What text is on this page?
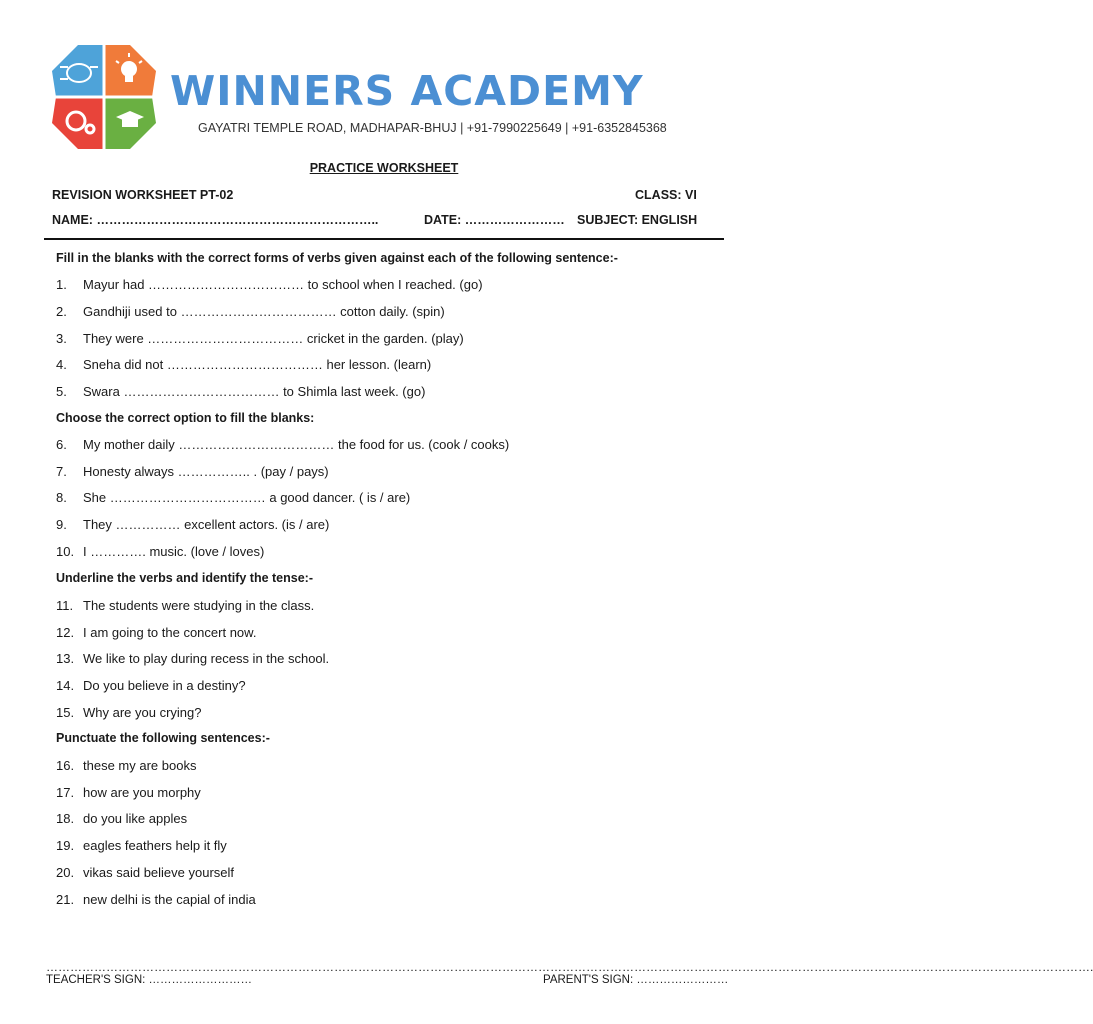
WINNERS ACADEMY
GAYATRI TEMPLE ROAD, MADHAPAR-BHUJ | +91-7990225649 | +91-6352845368
PRACTICE WORKSHEET
REVISION WORKSHEET PT-02	CLASS: VI
NAME: …………………………………………………………..	DATE: …………………… SUBJECT: ENGLISH
Fill in the blanks with the correct forms of verbs given against each of the following sentence:-
1. Mayur had ……………………………… to school when I reached. (go)
2. Gandhiji used to ……………………………… cotton daily. (spin)
3. They were ……………………………… cricket in the garden. (play)
4. Sneha did not ……………………………… her lesson. (learn)
5. Swara ……………………………… to Shimla last week. (go)
Choose the correct option to fill the blanks:
6. My mother daily ……………………………… the food for us. (cook / cooks)
7. Honesty always …………….. . (pay / pays)
8. She ……………………………… a good dancer. ( is / are)
9. They …………… excellent actors. (is / are)
10. I …………. music. (love / loves)
Underline the verbs and identify the tense:-
11. The students were studying in the class.
12. I am going to the concert now.
13. We like to play during recess in the school.
14. Do you believe in a destiny?
15. Why are you crying?
Punctuate the following sentences:-
16. these my are books
17. how are you morphy
18. do you like apples
19. eagles feathers help it fly
20. vikas said believe yourself
21. new delhi is the capial of india
……………………………………………………………………………………………………………………………………………………………………………………………………………………………………….
TEACHER'S SIGN: ………………………	PARENT'S SIGN: ……………………
